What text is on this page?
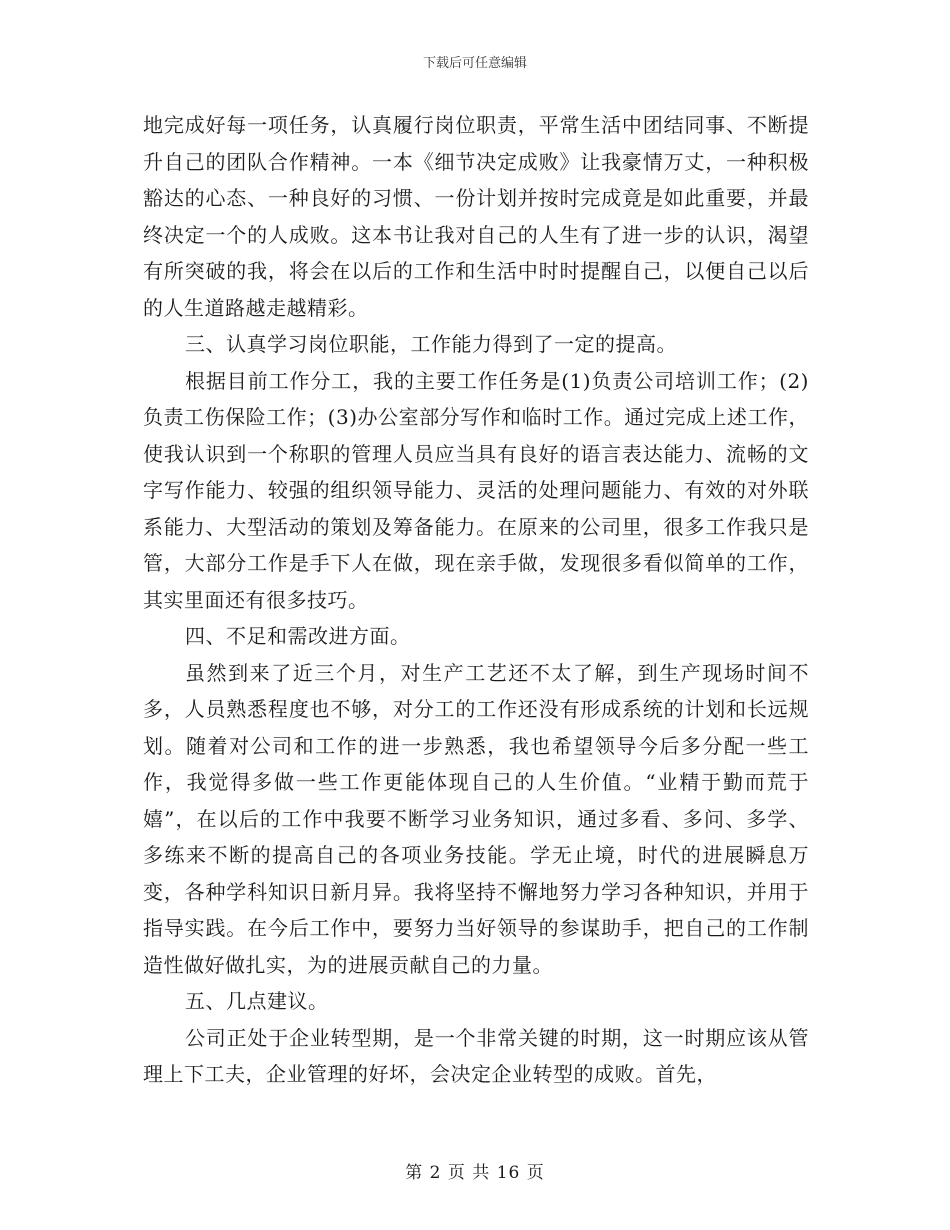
下载后可任意编辑

地完成好每一项任务，认真履行岗位职责，平常生活中团结同事、不断提升自己的团队合作精神。一本《细节决定成败》让我豪情万丈，一种积极豁达的心态、一种良好的习惯、一份计划并按时完成竟是如此重要，并最终决定一个的人成败。这本书让我对自己的人生有了进一步的认识，渴望有所突破的我，将会在以后的工作和生活中时时提醒自己，以便自己以后的人生道路越走越精彩。

三、认真学习岗位职能，工作能力得到了一定的提高。

根据目前工作分工，我的主要工作任务是(1)负责公司培训工作；(2)负责工伤保险工作；(3)办公室部分写作和临时工作。通过完成上述工作，使我认识到一个称职的管理人员应当具有良好的语言表达能力、流畅的文字写作能力、较强的组织领导能力、灵活的处理问题能力、有效的对外联系能力、大型活动的策划及筹备能力。在原来的公司里，很多工作我只是管，大部分工作是手下人在做，现在亲手做，发现很多看似简单的工作，其实里面还有很多技巧。

四、不足和需改进方面。

虽然到来了近三个月，对生产工艺还不太了解，到生产现场时间不多，人员熟悉程度也不够，对分工的工作还没有形成系统的计划和长远规划。随着对公司和工作的进一步熟悉，我也希望领导今后多分配一些工作，我觉得多做一些工作更能体现自己的人生价值。“业精于勤而荒于嬉”，在以后的工作中我要不断学习业务知识，通过多看、多问、多学、多练来不断的提高自己的各项业务技能。学无止境，时代的进展瞬息万变，各种学科知识日新月异。我将坚持不懈地努力学习各种知识，并用于指导实践。在今后工作中，要努力当好领导的参谋助手，把自己的工作制造性做好做扎实，为的进展贡献自己的力量。

五、几点建议。

公司正处于企业转型期，是一个非常关键的时期，这一时期应该从管理上下工夫，企业管理的好坏，会决定企业转型的成败。首先，

第 2 页 共 16 页
